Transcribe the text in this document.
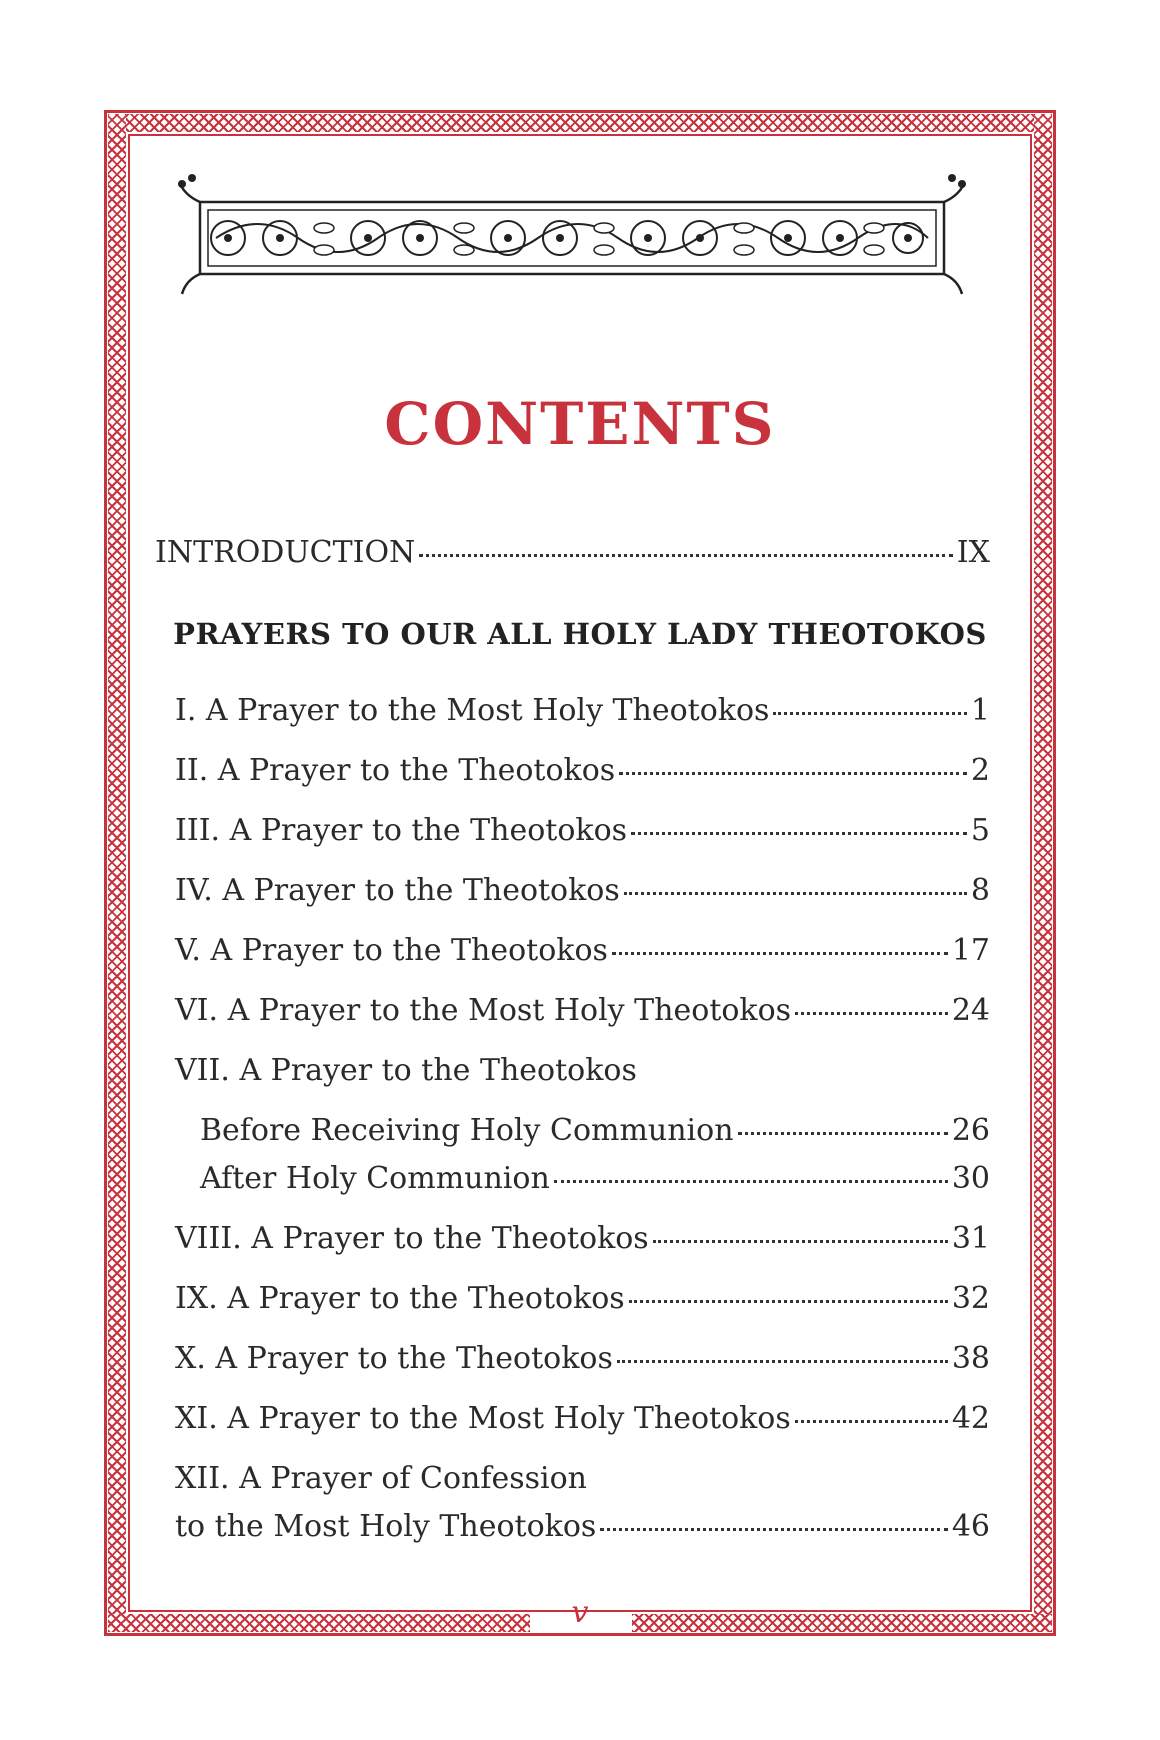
CONTENTS
INTRODUCTION	IX
PRAYERS TO OUR ALL HOLY LADY THEOTOKOS
I. A Prayer to the Most Holy Theotokos	1
II. A Prayer to the Theotokos	2
III. A Prayer to the Theotokos	5
IV. A Prayer to the Theotokos	8
V. A Prayer to the Theotokos	17
VI. A Prayer to the Most Holy Theotokos	24
VII. A Prayer to the Theotokos
Before Receiving Holy Communion	26
After Holy Communion	30
VIII. A Prayer to the Theotokos	31
IX. A Prayer to the Theotokos	32
X. A Prayer to the Theotokos	38
XI. A Prayer to the Most Holy Theotokos	42
XII. A Prayer of Confession
to the Most Holy Theotokos	46
v
